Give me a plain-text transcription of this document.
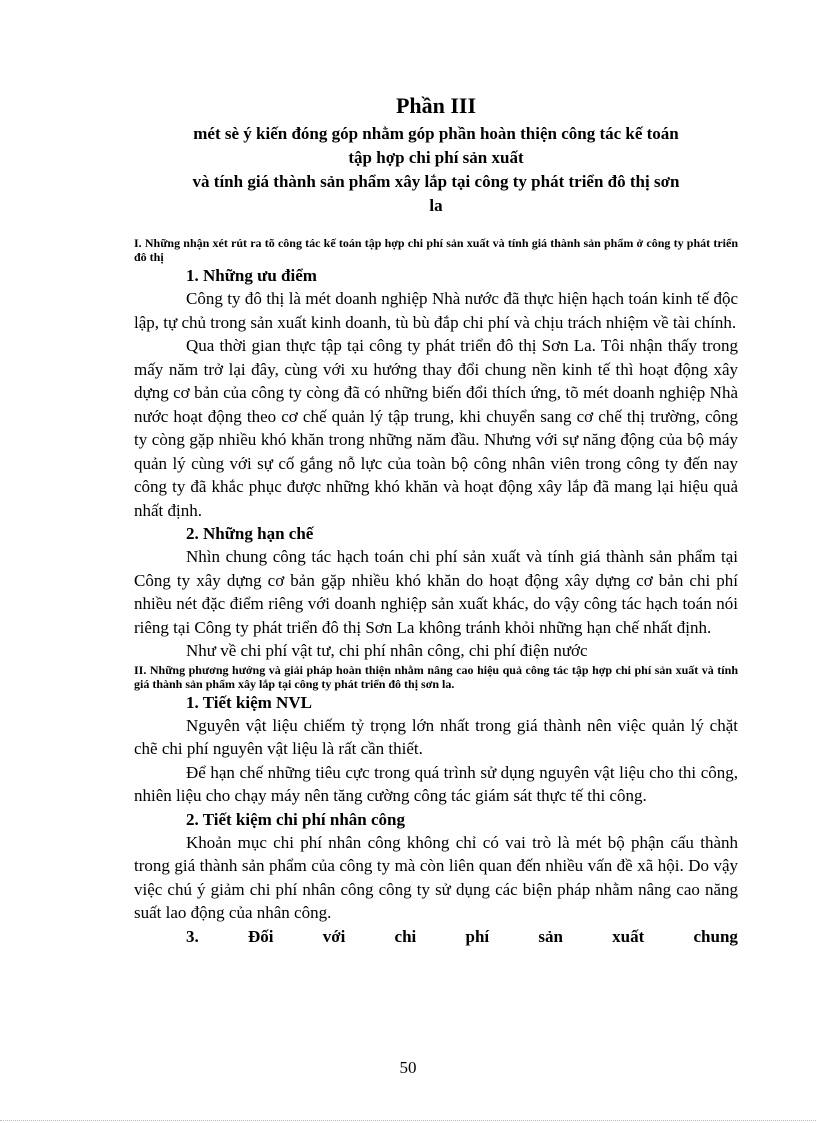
Phần III

mét sè ý kiến đóng góp nhằm góp phần hoàn thiện công tác kế toán

tập hợp chi phí sản xuất

và tính giá thành sản phẩm xây lắp tại công ty phát triển đô thị sơn

la

I. Những nhận xét rút ra tõ công tác kế toán tập hợp chi phí sản xuất và tính giá thành sản phẩm ở công ty phát triển đô thị

1. Những ưu điểm

Công ty đô thị là mét doanh nghiệp Nhà nước đã thực hiện hạch toán kinh tế độc lập, tự chủ trong sản xuất kinh doanh, tù bù đắp chi phí và chịu trách nhiệm về tài chính.

Qua thời gian thực tập tại công ty phát triển đô thị Sơn La. Tôi nhận thấy trong mấy năm trở lại đây, cùng với xu hướng thay đổi chung nền kinh tế thì hoạt động xây dựng cơ bản của công ty còng đã có những biến đổi thích ứng, tõ mét doanh nghiệp Nhà nước hoạt động theo cơ chế quản lý tập trung, khi chuyển sang cơ chế thị trường, công ty còng gặp nhiều khó khăn trong những năm đầu. Nhưng với sự năng động của bộ máy quản lý cùng với sự cố gắng nỗ lực của toàn bộ công nhân viên trong công ty đến nay công ty đã khắc phục được những khó khăn và hoạt động xây lắp đã mang lại hiệu quả nhất định.

2. Những hạn chế

Nhìn chung công tác hạch toán chi phí sản xuất và tính giá thành sản phẩm tại Công ty xây dựng cơ bản gặp nhiều khó khăn do hoạt động xây dựng cơ bản chi phí nhiều nét đặc điểm riêng với doanh nghiệp sản xuất khác, do vậy công tác hạch toán nói riêng tại Công ty phát triển đô thị Sơn La không tránh khỏi những hạn chế nhất định.

Như về chi phí vật tư, chi phí nhân công, chi phí điện nước

II. Những phương hướng và giải pháp hoàn thiện nhằm nâng cao hiệu quả công tác tập hợp chi phí sản xuất và tính giá thành sản phẩm xây lắp tại công ty phát triển đô thị sơn la.

1. Tiết kiệm NVL

Nguyên vật liệu chiếm tỷ trọng lớn nhất trong giá thành nên việc quản lý chặt chẽ chi phí nguyên vật liệu là rất cần thiết.

Để hạn chế những tiêu cực trong quá trình sử dụng nguyên vật liệu cho thi công, nhiên liệu cho chạy máy nên tăng cường công tác giám sát thực tế thi công.

2. Tiết kiệm chi phí nhân công

Khoản mục chi phí nhân công không chỉ có vai trò là mét bộ phận cấu thành trong giá thành sản phẩm của công ty mà còn liên quan đến nhiều vấn đề xã hội. Do vậy việc chú ý giảm chi phí nhân công công ty sử dụng các biện pháp nhằm nâng cao năng suất lao động của nhân công.

3.	Đối	với	chi	phí	sản	xuất	chung

50
